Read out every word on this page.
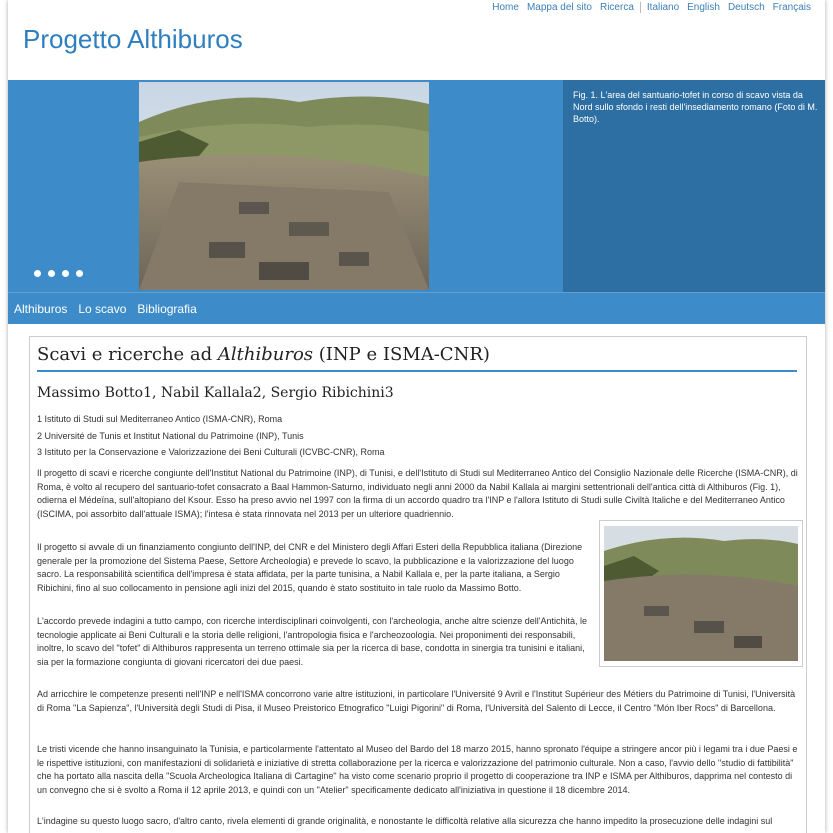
Home Mappa del sito Ricerca	Italiano English Deutsch Français
Progetto Althiburos
Fig. 1. L'area del santuario-tofet in corso di scavo vista da Nord sullo sfondo i resti dell'insediamento romano (Foto di M. Botto).
Althiburos Lo scavo Bibliografia
Scavi e ricerche ad Althiburos (INP e ISMA-CNR)
Massimo Botto1, Nabil Kallala2, Sergio Ribichini3
1 Istituto di Studi sul Mediterraneo Antico (ISMA-CNR), Roma
2 Université de Tunis et Institut National du Patrimoine (INP), Tunis
3 Istituto per la Conservazione e Valorizzazione dei Beni Culturali (ICVBC-CNR), Roma

Il progetto di scavi e ricerche congiunte dell'Institut National du Patrimoine (INP), di Tunisi, e dell'Istituto di Studi sul Mediterraneo Antico del Consiglio Nazionale delle Ricerche (ISMA-CNR), di Roma, è volto al recupero del santuario-tofet consacrato a Baal Hammon-Saturno, individuato negli anni 2000 da Nabil Kallala ai margini settentrionali dell'antica città di Althiburos (Fig. 1), odierna el Médeïna, sull'altopiano del Ksour. Esso ha preso avvio nel 1997 con la firma di un accordo quadro tra l'INP e l'allora Istituto di Studi sulle Civiltà Italiche e del Mediterraneo Antico (ISCIMA, poi assorbito dall'attuale ISMA); l'intesa è stata rinnovata nel 2013 per un ulteriore quadriennio.

Il progetto si avvale di un finanziamento congiunto dell'INP, del CNR e del Ministero degli Affari Esteri della Repubblica italiana (Direzione generale per la promozione del Sistema Paese, Settore Archeologia) e prevede lo scavo, la pubblicazione e la valorizzazione del luogo sacro. La responsabilità scientifica dell'impresa è stata affidata, per la parte tunisina, a Nabil Kallala e, per la parte italiana, a Sergio Ribichini, fino al suo collocamento in pensione agli inizi del 2015, quando è stato sostituito in tale ruolo da Massimo Botto.

L'accordo prevede indagini a tutto campo, con ricerche interdisciplinari coinvolgenti, con l'archeologia, anche altre scienze dell'Antichità, le tecnologie applicate ai Beni Culturali e la storia delle religioni, l'antropologia fisica e l'archeozoologia. Nei proponimenti dei responsabili, inoltre, lo scavo del "tofet" di Althiburos rappresenta un terreno ottimale sia per la ricerca di base, condotta in sinergia tra tunisini e italiani, sia per la formazione congiunta di giovani ricercatori dei due paesi.

Ad arricchire le competenze presenti nell'INP e nell'ISMA concorrono varie altre istituzioni, in particolare l'Université 9 Avril e l'Institut Supérieur des Métiers du Patrimoine di Tunisi, l'Università di Roma "La Sapienza", l'Università degli Studi di Pisa, il Museo Preistorico Etnografico "Luigi Pigorini" di Roma, l'Università del Salento di Lecce, il Centro "Món Iber Rocs" di Barcellona.

Le tristi vicende che hanno insanguinato la Tunisia, e particolarmente l'attentato al Museo del Bardo del 18 marzo 2015, hanno spronato l'équipe a stringere ancor più i legami tra i due Paesi e le rispettive istituzioni, con manifestazioni di solidarietà e iniziative di stretta collaborazione per la ricerca e valorizzazione del patrimonio culturale. Non a caso, l'avvio dello "studio di fattibilità" che ha portato alla nascita della "Scuola Archeologica Italiana di Cartagine" ha visto come scenario proprio il progetto di cooperazione tra INP e ISMA per Althiburos, dapprima nel contesto di un convegno che si è svolto a Roma il 12 aprile 2013, e quindi con un "Atelier" specificamente dedicato all'iniziativa in questione il 18 dicembre 2014.

L'indagine su questo luogo sacro, d'altro canto, rivela elementi di grande originalità, e nonostante le difficoltà relative alla sicurezza che hanno impedito la prosecuzione delle indagini sul
